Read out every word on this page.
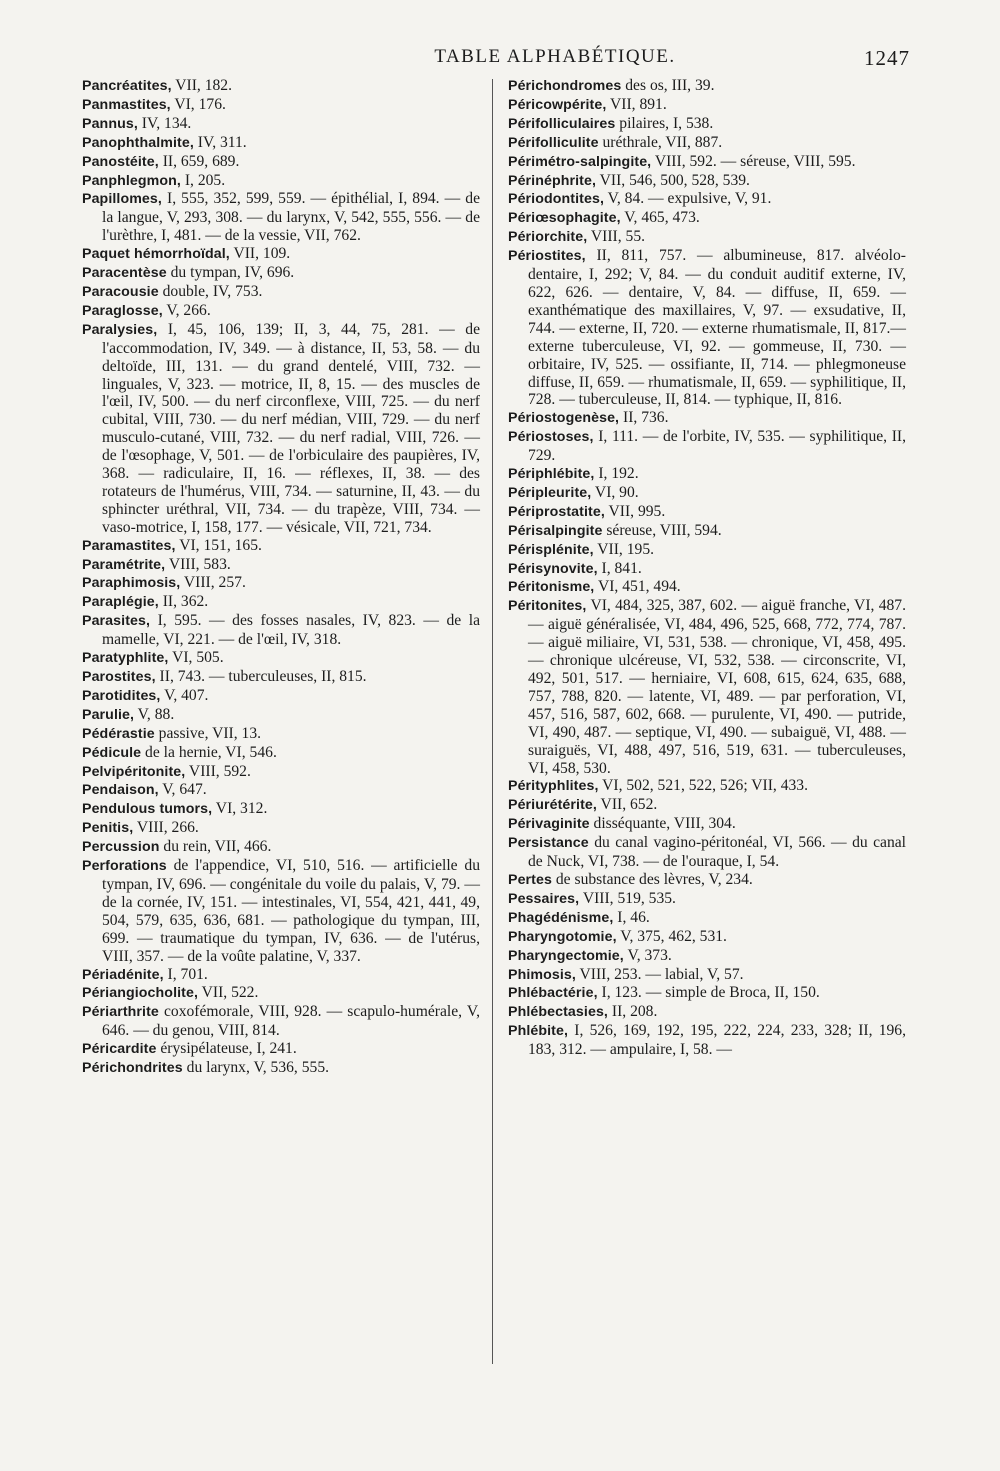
TABLE ALPHABÉTIQUE.	1247

Pancréatites, VII, 182.

Panmastites, VI, 176.

Pannus, IV, 134.

Panophthalmite, IV, 311.

Panostéite, II, 659, 689.

Panphlegmon, I, 205.

Papillomes, I, 555, 352, 599, 559. — épithélial, I, 894. — de la langue, V, 293, 308. — du larynx, V, 542, 555, 556. — de l'urèthre, I, 481. — de la vessie, VII, 762.

Paquet hémorrhoïdal, VII, 109.

Paracentèse du tympan, IV, 696.

Paracousie double, IV, 753.

Paraglosse, V, 266.

Paralysies, I, 45, 106, 139; II, 3, 44, 75, 281. — de l'accommodation, IV, 349. — à distance, II, 53, 58. — du deltoïde, III, 131. — du grand dentelé, VIII, 732. — linguales, V, 323. — motrice, II, 8, 15. — des muscles de l'œil, IV, 500. — du nerf circonflexe, VIII, 725. — du nerf cubital, VIII, 730. — du nerf médian, VIII, 729. — du nerf musculo-cutané, VIII, 732. — du nerf radial, VIII, 726. — de l'œsophage, V, 501. — de l'orbiculaire des paupières, IV, 368. — radiculaire, II, 16. — réflexes, II, 38. — des rotateurs de l'humérus, VIII, 734. — saturnine, II, 43. — du sphincter uréthral, VII, 734. — du trapèze, VIII, 734. — vaso-motrice, I, 158, 177. — vésicale, VII, 721, 734.

Paramastites, VI, 151, 165.

Paramétrite, VIII, 583.

Paraphimosis, VIII, 257.

Paraplégie, II, 362.

Parasites, I, 595. — des fosses nasales, IV, 823. — de la mamelle, VI, 221. — de l'œil, IV, 318.

Paratyphlite, VI, 505.

Parostites, II, 743. — tuberculeuses, II, 815.

Parotidites, V, 407.

Parulie, V, 88.

Pédérastie passive, VII, 13.

Pédicule de la hernie, VI, 546.

Pelvipéritonite, VIII, 592.

Pendaison, V, 647.

Pendulous tumors, VI, 312.

Penitis, VIII, 266.

Percussion du rein, VII, 466.

Perforations de l'appendice, VI, 510, 516. — artificielle du tympan, IV, 696. — congénitale du voile du palais, V, 79. — de la cornée, IV, 151. — intestinales, VI, 554, 421, 441, 49, 504, 579, 635, 636, 681. — pathologique du tympan, III, 699. — traumatique du tympan, IV, 636. — de l'utérus, VIII, 357. — de la voûte palatine, V, 337.

Périadénite, I, 701.

Périangiocholite, VII, 522.

Périarthrite coxofémorale, VIII, 928. — scapulo-humérale, V, 646. — du genou, VIII, 814.

Péricardite érysipélateuse, I, 241.

Périchondrites du larynx, V, 536, 555.

Périchondromes des os, III, 39.

Péricowpérite, VII, 891.

Périfolliculaires pilaires, I, 538.

Périfolliculite uréthrale, VII, 887.

Périmétro-salpingite, VIII, 592. — séreuse, VIII, 595.

Périnéphrite, VII, 546, 500, 528, 539.

Périodontites, V, 84. — expulsive, V, 91.

Périœsophagite, V, 465, 473.

Périorchite, VIII, 55.

Périostites, II, 811, 757. — albumineuse, 817. alvéolo-dentaire, I, 292; V, 84. — du conduit auditif externe, IV, 622, 626. — dentaire, V, 84. — diffuse, II, 659. — exanthématique des maxillaires, V, 97. — exsudative, II, 744. — externe, II, 720. — externe rhumatismale, II, 817.— externe tuberculeuse, VI, 92. — gommeuse, II, 730. — orbitaire, IV, 525. — ossifiante, II, 714. — phlegmoneuse diffuse, II, 659. — rhumatismale, II, 659. — syphilitique, II, 728. — tuberculeuse, II, 814. — typhique, II, 816.

Périostogenèse, II, 736.

Périostoses, I, 111. — de l'orbite, IV, 535. — syphilitique, II, 729.

Périphlébite, I, 192.

Péripleurite, VI, 90.

Périprostatite, VII, 995.

Périsalpingite séreuse, VIII, 594.

Périsplénite, VII, 195.

Périsynovite, I, 841.

Péritonisme, VI, 451, 494.

Péritonites, VI, 484, 325, 387, 602. — aiguë franche, VI, 487. — aiguë généralisée, VI, 484, 496, 525, 668, 772, 774, 787. — aiguë miliaire, VI, 531, 538. — chronique, VI, 458, 495. — chronique ulcéreuse, VI, 532, 538. — circonscrite, VI, 492, 501, 517. — herniaire, VI, 608, 615, 624, 635, 688, 757, 788, 820. — latente, VI, 489. — par perforation, VI, 457, 516, 587, 602, 668. — purulente, VI, 490. — putride, VI, 490, 487. — septique, VI, 490. — subaiguë, VI, 488. — suraiguës, VI, 488, 497, 516, 519, 631. — tuberculeuses, VI, 458, 530.

Pérityphlites, VI, 502, 521, 522, 526; VII, 433.

Périurétérite, VII, 652.

Périvaginite disséquante, VIII, 304.

Persistance du canal vagino-péritonéal, VI, 566. — du canal de Nuck, VI, 738. — de l'ouraque, I, 54.

Pertes de substance des lèvres, V, 234.

Pessaires, VIII, 519, 535.

Phagédénisme, I, 46.

Pharyngotomie, V, 375, 462, 531.

Pharyngectomie, V, 373.

Phimosis, VIII, 253. — labial, V, 57.

Phlébactérie, I, 123. — simple de Broca, II, 150.

Phlébectasies, II, 208.

Phlébite, I, 526, 169, 192, 195, 222, 224, 233, 328; II, 196, 183, 312. — ampulaire, I, 58. —
